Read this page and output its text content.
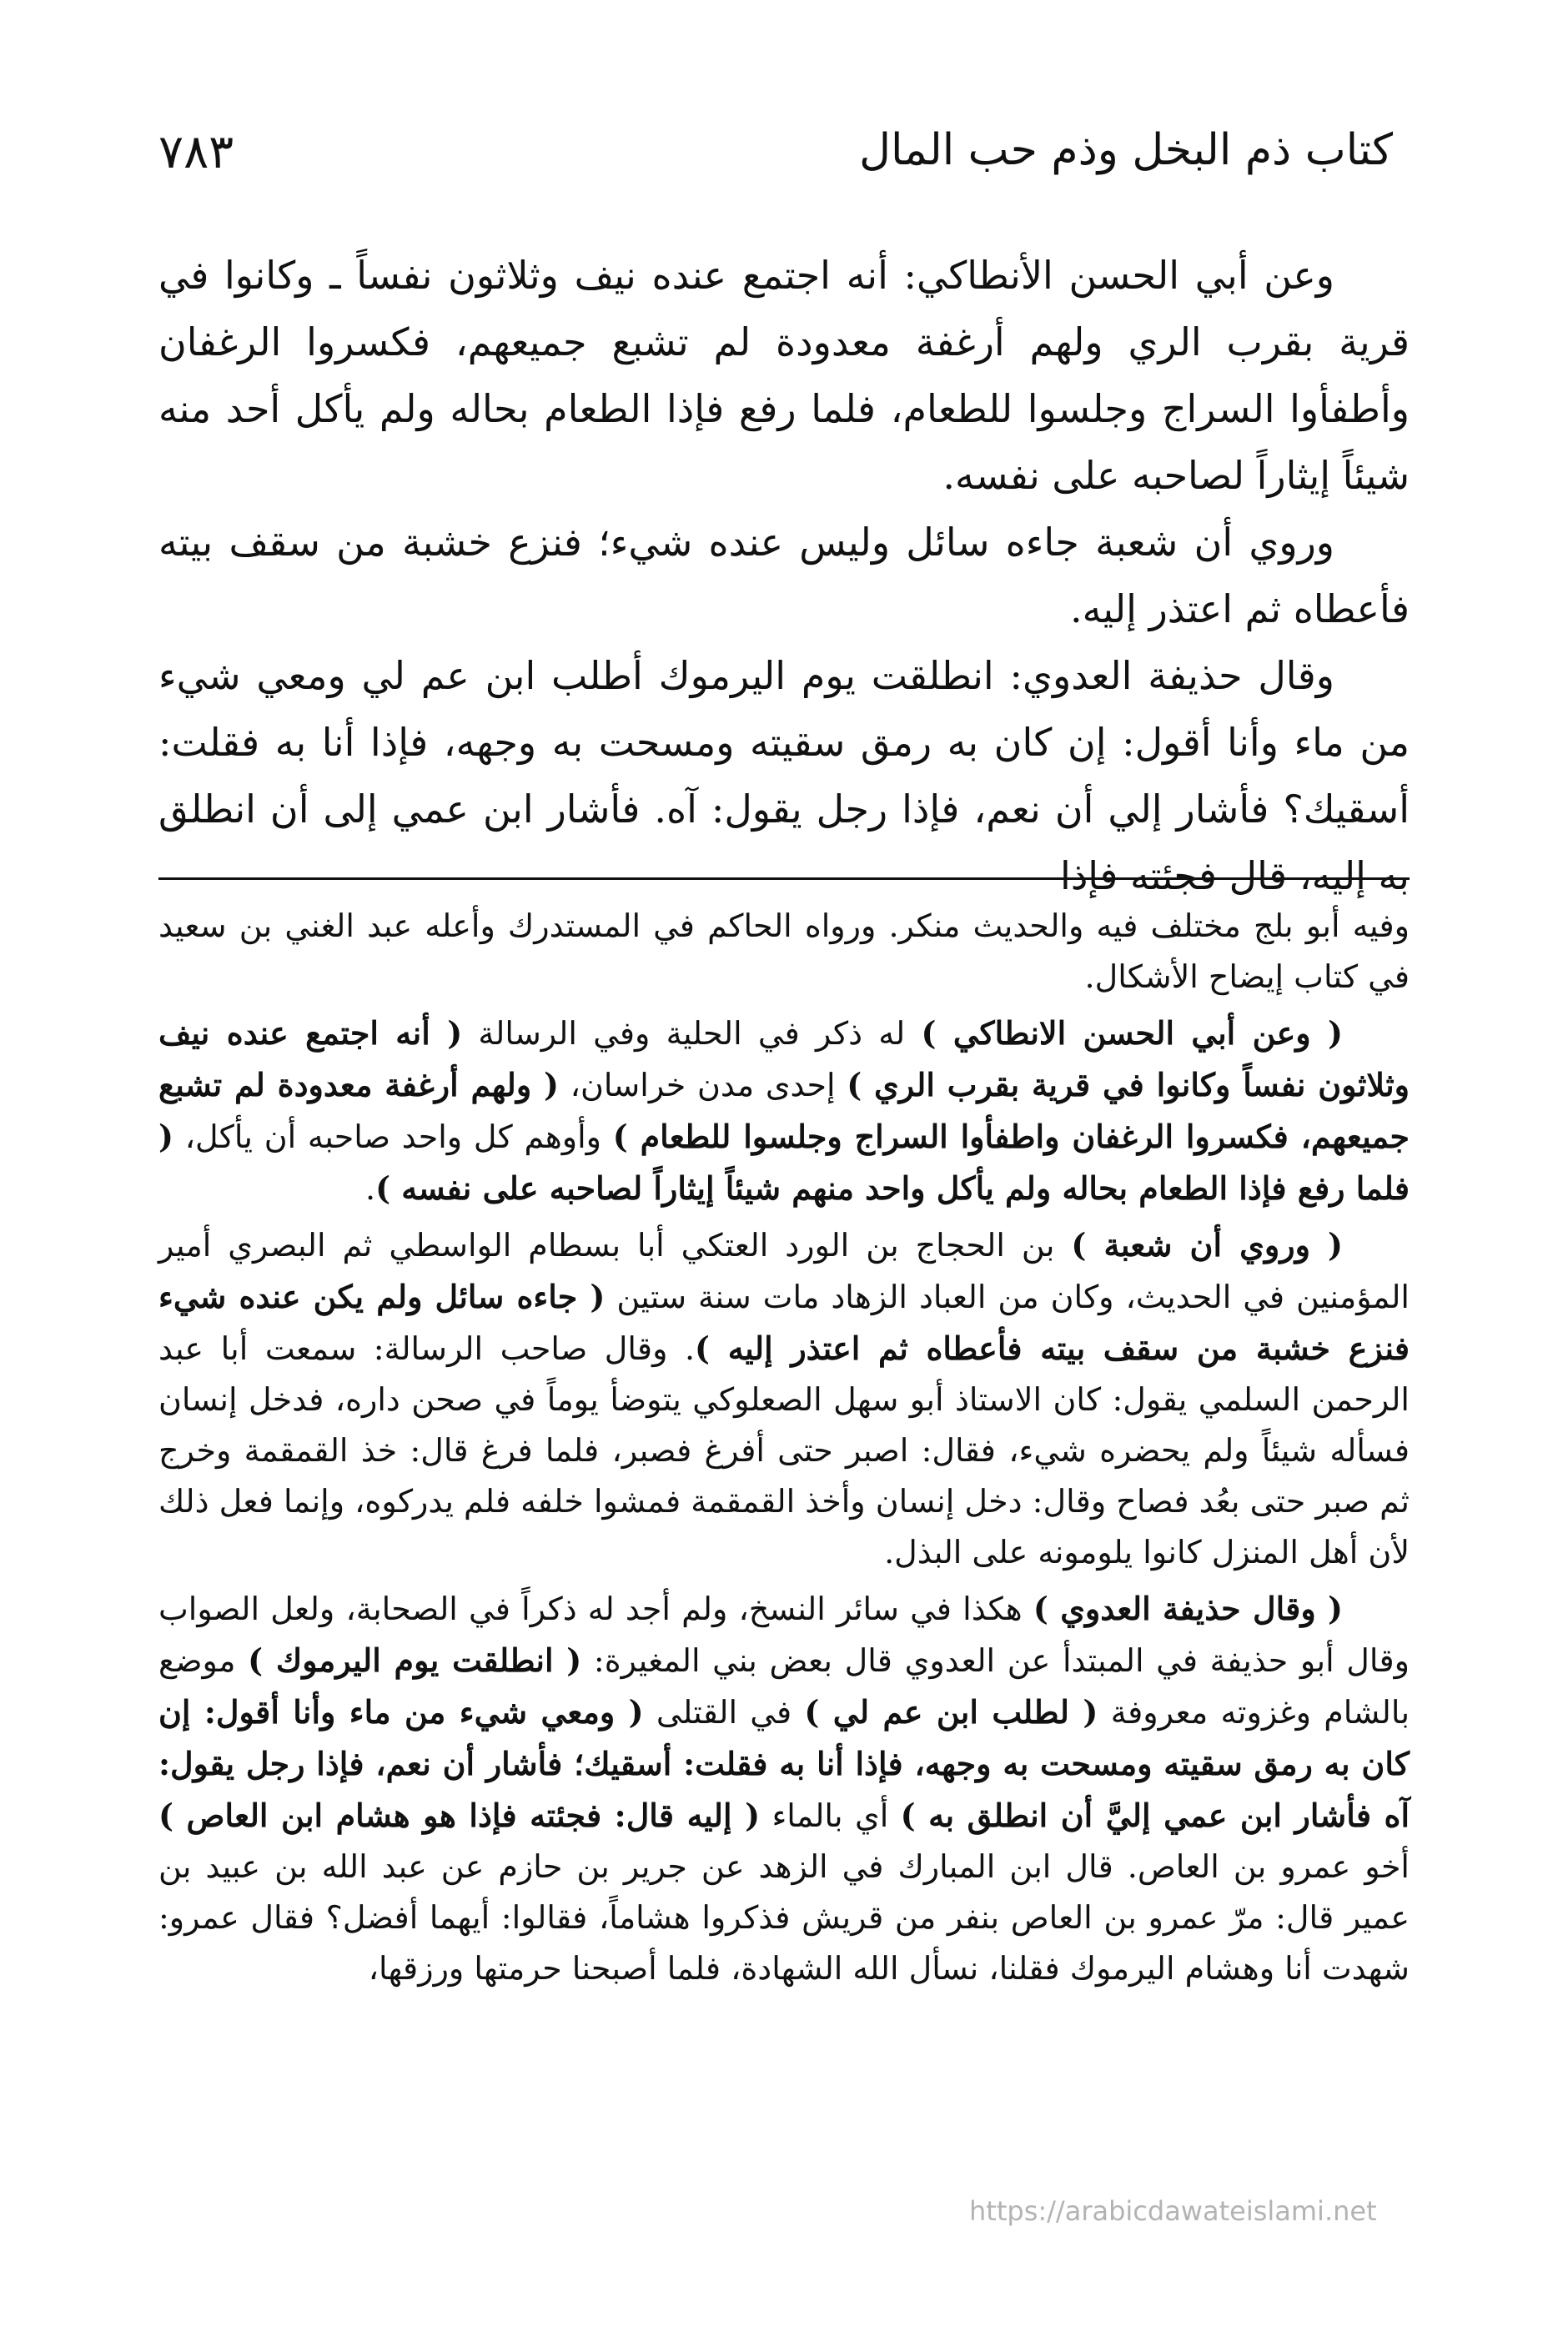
كتاب ذم البخل وذم حب المال
٧٨٣

وعن أبي الحسن الأنطاكي: أنه اجتمع عنده نيف وثلاثون نفساً ـ وكانوا في قرية بقرب الري ولهم أرغفة معدودة لم تشبع جميعهم، فكسروا الرغفان وأطفأوا السراج وجلسوا للطعام، فلما رفع فإذا الطعام بحاله ولم يأكل أحد منه شيئاً إيثاراً لصاحبه على نفسه.

وروي أن شعبة جاءه سائل وليس عنده شيء؛ فنزع خشبة من سقف بيته فأعطاه ثم اعتذر إليه.

وقال حذيفة العدوي: انطلقت يوم اليرموك أطلب ابن عم لي ومعي شيء من ماء وأنا أقول: إن كان به رمق سقيته ومسحت به وجهه، فإذا أنا به فقلت: أسقيك؟ فأشار إلي أن نعم، فإذا رجل يقول: آه. فأشار ابن عمي إلى أن انطلق به إليه، قال فجئته فإذا

وفيه أبو بلج مختلف فيه والحديث منكر. ورواه الحاكم في المستدرك وأعله عبد الغني بن سعيد في كتاب إيضاح الأشكال.

( وعن أبي الحسن الانطاكي ) له ذكر في الحلية وفي الرسالة ( أنه اجتمع عنده نيف وثلاثون نفساً وكانوا في قرية بقرب الري ) إحدى مدن خراسان، ( ولهم أرغفة معدودة لم تشبع جميعهم، فكسروا الرغفان واطفأوا السراج وجلسوا للطعام ) وأوهم كل واحد صاحبه أن يأكل، ( فلما رفع فإذا الطعام بحاله ولم يأكل واحد منهم شيئاً إيثاراً لصاحبه على نفسه ).

( وروي أن شعبة ) بن الحجاج بن الورد العتكي أبا بسطام الواسطي ثم البصري أمير المؤمنين في الحديث، وكان من العباد الزهاد مات سنة ستين ( جاءه سائل ولم يكن عنده شيء فنزع خشبة من سقف بيته فأعطاه ثم اعتذر إليه ). وقال صاحب الرسالة: سمعت أبا عبد الرحمن السلمي يقول: كان الاستاذ أبو سهل الصعلوكي يتوضأ يوماً في صحن داره، فدخل إنسان فسأله شيئاً ولم يحضره شيء، فقال: اصبر حتى أفرغ فصبر، فلما فرغ قال: خذ القمقمة وخرج ثم صبر حتى بعُد فصاح وقال: دخل إنسان وأخذ القمقمة فمشوا خلفه فلم يدركوه، وإنما فعل ذلك لأن أهل المنزل كانوا يلومونه على البذل.

( وقال حذيفة العدوي ) هكذا في سائر النسخ، ولم أجد له ذكراً في الصحابة، ولعل الصواب وقال أبو حذيفة في المبتدأ عن العدوي قال بعض بني المغيرة: ( انطلقت يوم اليرموك ) موضع بالشام وغزوته معروفة ( لطلب ابن عم لي ) في القتلى ( ومعي شيء من ماء وأنا أقول: إن كان به رمق سقيته ومسحت به وجهه، فإذا أنا به فقلت: أسقيك؛ فأشار أن نعم، فإذا رجل يقول: آه فأشار ابن عمي إليَّ أن انطلق به ) أي بالماء ( إليه قال: فجئته فإذا هو هشام ابن العاص ) أخو عمرو بن العاص. قال ابن المبارك في الزهد عن جرير بن حازم عن عبد الله بن عبيد بن عمير قال: مرّ عمرو بن العاص بنفر من قريش فذكروا هشاماً، فقالوا: أيهما أفضل؟ فقال عمرو: شهدت أنا وهشام اليرموك فقلنا، نسأل الله الشهادة، فلما أصبحنا حرمتها ورزقها،

https://arabicdawateislami.net
